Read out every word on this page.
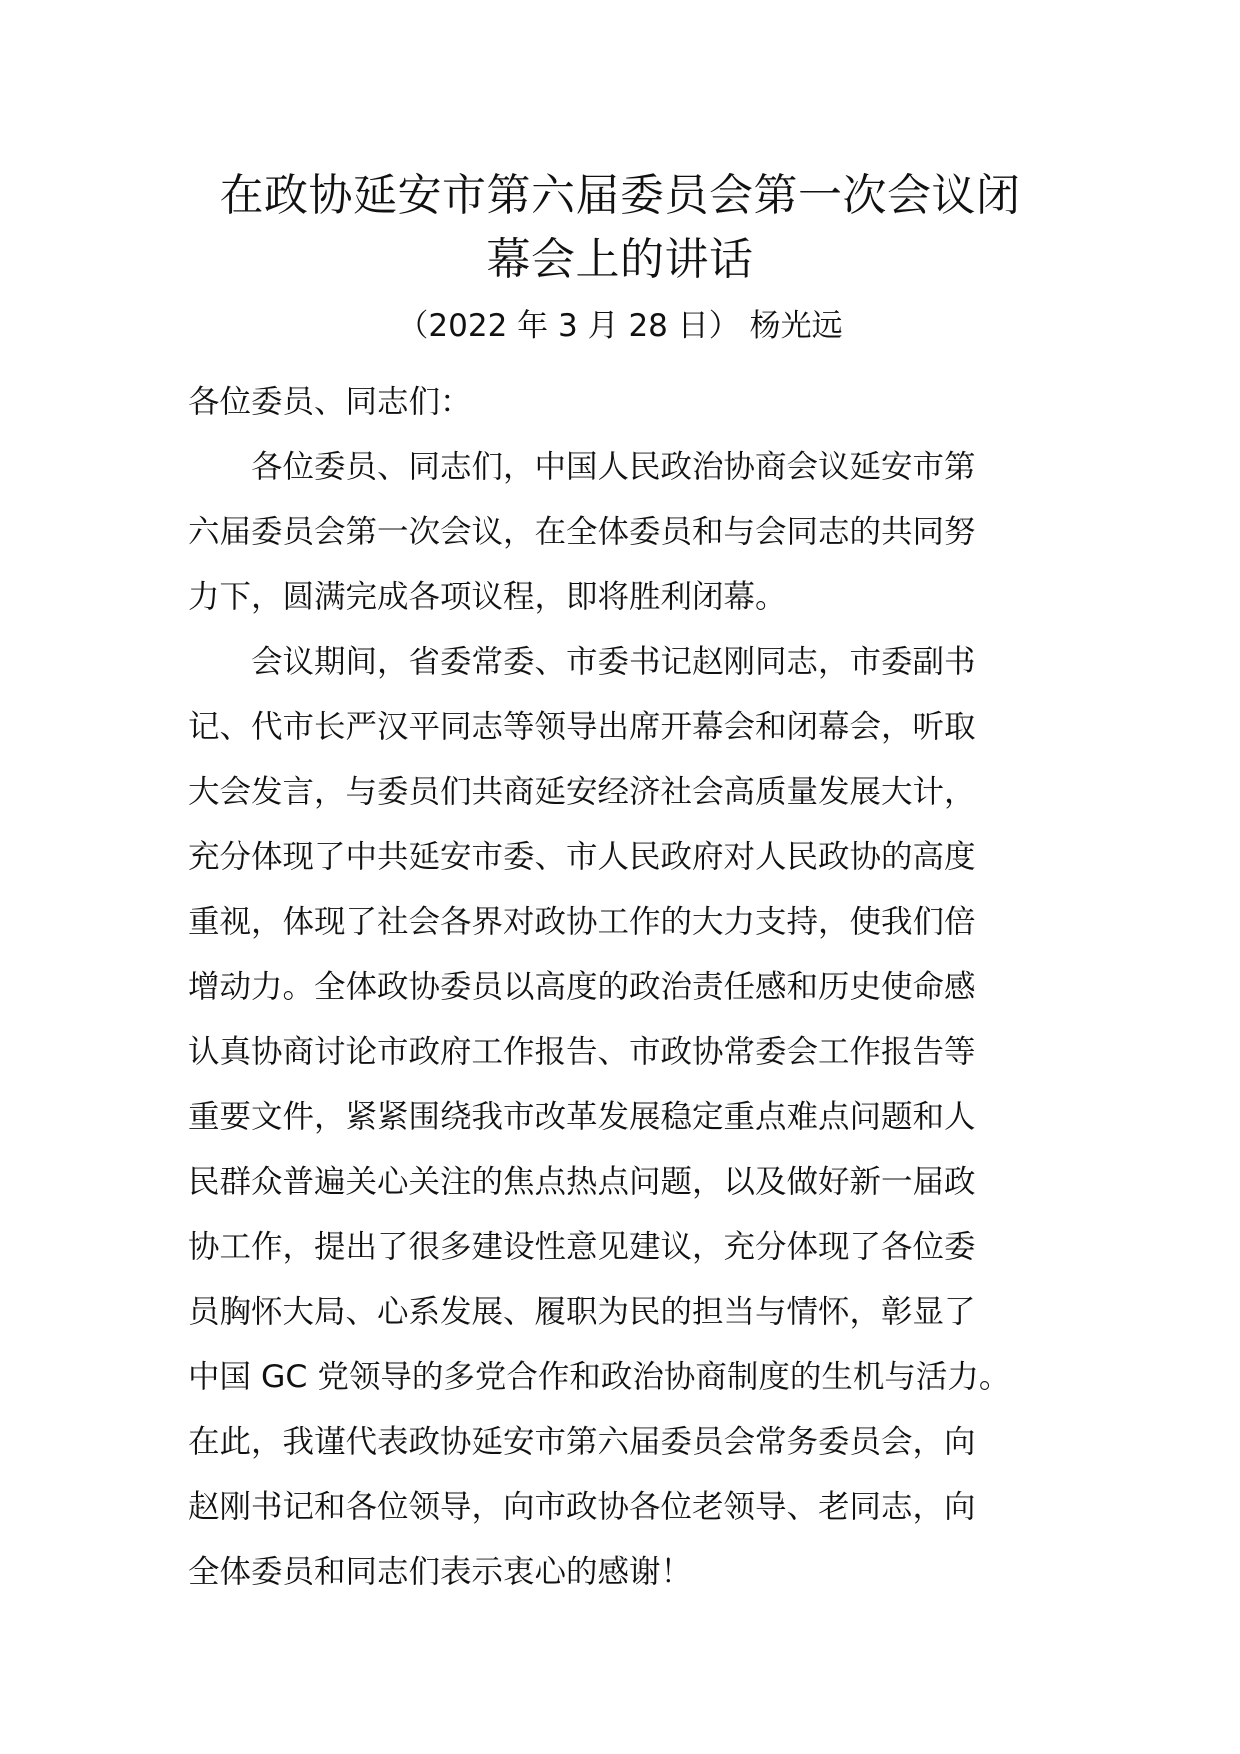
在政协延安市第六届委员会第一次会议闭
幕会上的讲话
（2022 年 3 月 28 日） 杨光远
各位委员、同志们：
各位委员、同志们，中国人民政治协商会议延安市第
六届委员会第一次会议，在全体委员和与会同志的共同努
力下，圆满完成各项议程，即将胜利闭幕。
会议期间，省委常委、市委书记赵刚同志，市委副书
记、代市长严汉平同志等领导出席开幕会和闭幕会，听取
大会发言，与委员们共商延安经济社会高质量发展大计，
充分体现了中共延安市委、市人民政府对人民政协的高度
重视，体现了社会各界对政协工作的大力支持，使我们倍
增动力。全体政协委员以高度的政治责任感和历史使命感
认真协商讨论市政府工作报告、市政协常委会工作报告等
重要文件，紧紧围绕我市改革发展稳定重点难点问题和人
民群众普遍关心关注的焦点热点问题，以及做好新一届政
协工作，提出了很多建设性意见建议，充分体现了各位委
员胸怀大局、心系发展、履职为民的担当与情怀，彰显了
中国 GC 党领导的多党合作和政治协商制度的生机与活力。
在此，我谨代表政协延安市第六届委员会常务委员会，向
赵刚书记和各位领导，向市政协各位老领导、老同志，向
全体委员和同志们表示衷心的感谢！
